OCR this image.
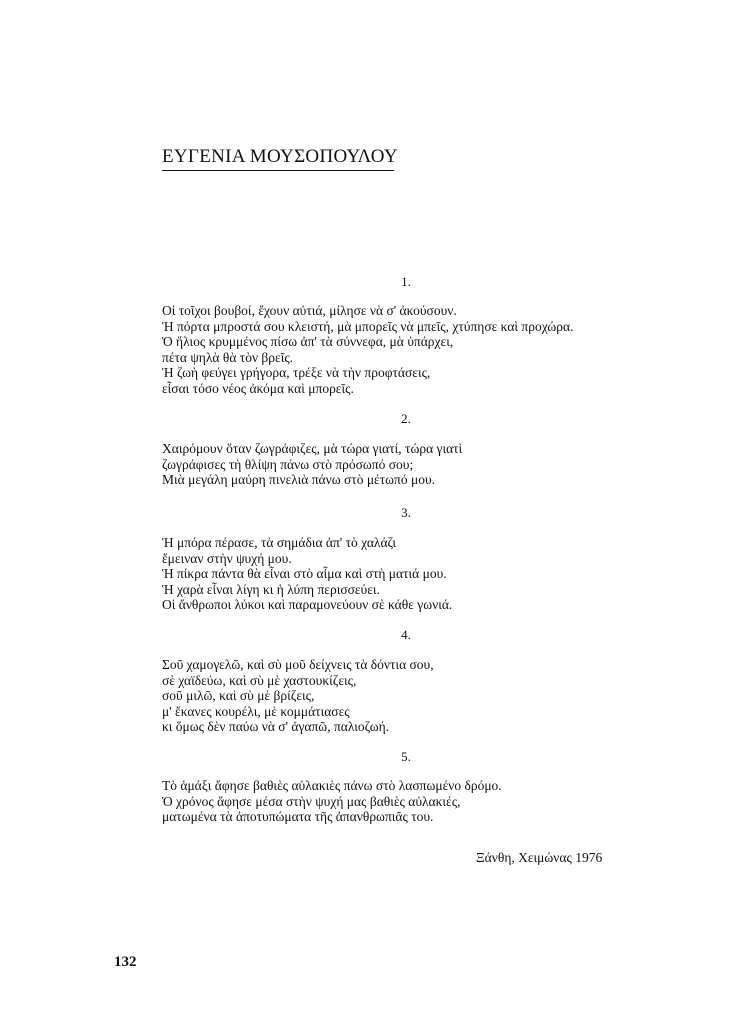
ΕΥΓΕΝΙΑ ΜΟΥΣΟΠΟΥΛΟΥ
1.
Οἱ τοῖχοι βουβοί, ἔχουν αὐτιά, μίλησε νὰ σ' ἀκούσουν.
Ἡ πόρτα μπροστά σου κλειστή, μὰ μπορεῖς νὰ μπεῖς, χτύπησε καὶ προχώρα.
Ὁ ἥλιος κρυμμένος πίσω ἀπ' τὰ σύννεφα, μὰ ὑπάρχει,
πέτα ψηλὰ θὰ τὸν βρεῖς.
Ἡ ζωὴ φεύγει γρήγορα, τρέξε νὰ τὴν προφτάσεις,
εἶσαι τόσο νέος ἀκόμα καὶ μπορεῖς.
2.
Χαιρόμουν ὅταν ζωγράφιζες, μὰ τώρα γιατί, τώρα γιατὶ
ζωγράφισες τὴ θλίψη πάνω στὸ πρόσωπό σου;
Μιὰ μεγάλη μαύρη πινελιὰ πάνω στὸ μέτωπό μου.
3.
Ἡ μπόρα πέρασε, τὰ σημάδια ἀπ' τὸ χαλάζι
ἔμειναν στὴν ψυχή μου.
Ἡ πίκρα πάντα θὰ εἶναι στὸ αἷμα καὶ στὴ ματιά μου.
Ἡ χαρὰ εἶναι λίγη κι ἡ λύπη περισσεύει.
Οἱ ἄνθρωποι λύκοι καὶ παραμονεύουν σὲ κάθε γωνιά.
4.
Σοῦ χαμογελῶ, καὶ σὺ μοῦ δείχνεις τὰ δόντια σου,
σὲ χαϊδεύω, καὶ σὺ μὲ χαστουκίζεις,
σοῦ μιλῶ, καὶ σὺ μὲ βρίζεις,
μ' ἔκανες κουρέλι, μὲ κομμάτιασες
κι ὅμως δὲν παύω νὰ σ' ἀγαπῶ, παλιοζωή.
5.
Τὸ ἁμάξι ἄφησε βαθιὲς αὐλακιὲς πάνω στὸ λασπωμένο δρόμο.
Ὁ χρόνος ἄφησε μέσα στὴν ψυχή μας βαθιὲς αὐλακιές,
ματωμένα τὰ ἀποτυπώματα τῆς ἀπανθρωπιᾶς του.
Ξάνθη, Χειμώνας 1976
132
